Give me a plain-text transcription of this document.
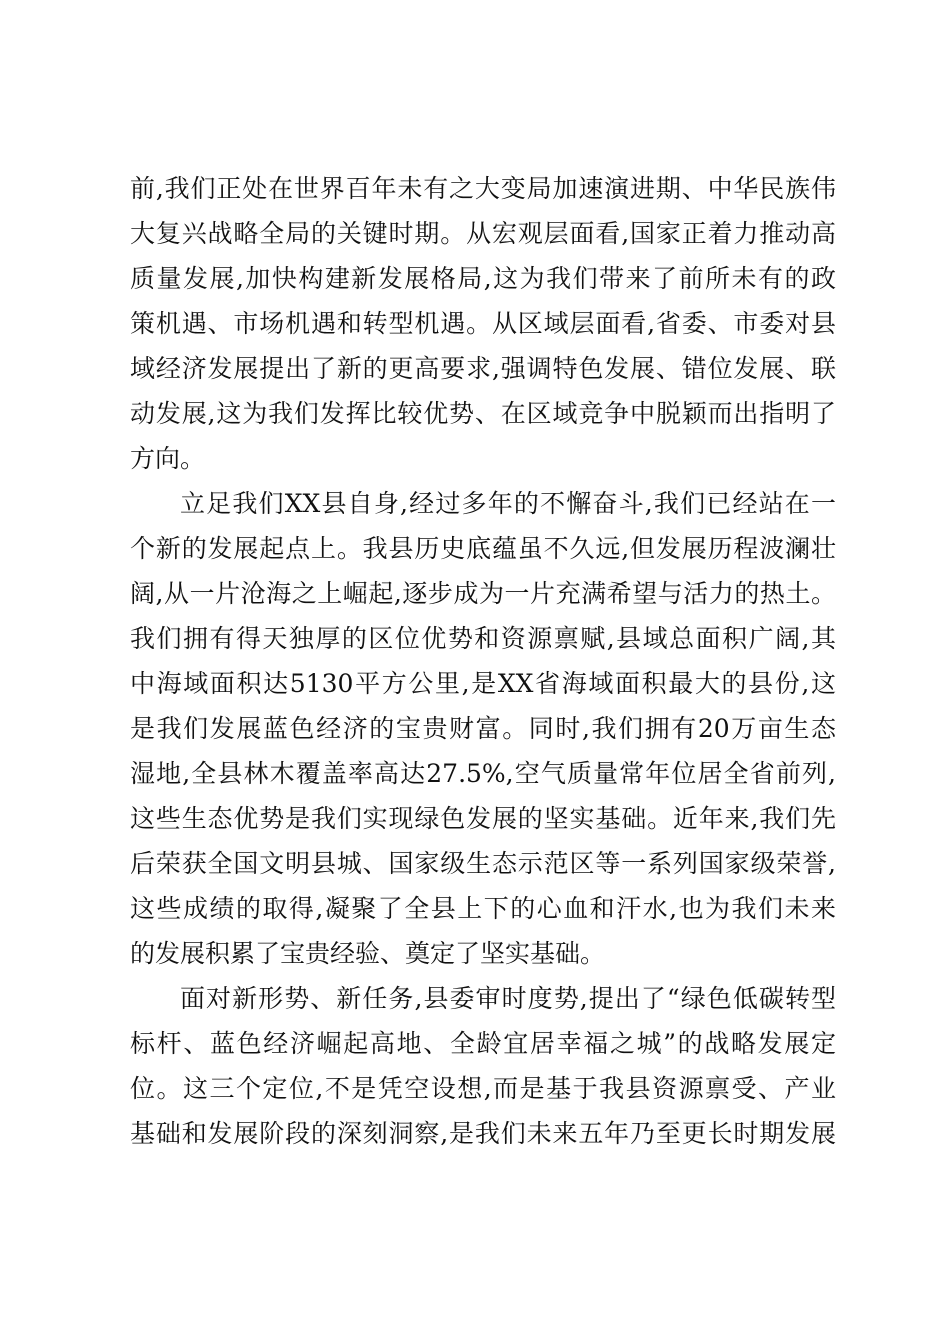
前,我们正处在世界百年未有之大变局加速演进期、中华民族伟
大复兴战略全局的关键时期。从宏观层面看,国家正着力推动高
质量发展,加快构建新发展格局,这为我们带来了前所未有的政
策机遇、市场机遇和转型机遇。从区域层面看,省委、市委对县
域经济发展提出了新的更高要求,强调特色发展、错位发展、联
动发展,这为我们发挥比较优势、在区域竞争中脱颖而出指明了
方向。
立足我们XX县自身,经过多年的不懈奋斗,我们已经站在一
个新的发展起点上。我县历史底蕴虽不久远,但发展历程波澜壮
阔,从一片沧海之上崛起,逐步成为一片充满希望与活力的热土。
我们拥有得天独厚的区位优势和资源禀赋,县域总面积广阔,其
中海域面积达5130平方公里,是XX省海域面积最大的县份,这
是我们发展蓝色经济的宝贵财富。同时,我们拥有20万亩生态
湿地,全县林木覆盖率高达27.5%,空气质量常年位居全省前列,
这些生态优势是我们实现绿色发展的坚实基础。近年来,我们先
后荣获全国文明县城、国家级生态示范区等一系列国家级荣誉,
这些成绩的取得,凝聚了全县上下的心血和汗水,也为我们未来
的发展积累了宝贵经验、奠定了坚实基础。
面对新形势、新任务,县委审时度势,提出了“绿色低碳转型
标杆、蓝色经济崛起高地、全龄宜居幸福之城”的战略发展定
位。这三个定位,不是凭空设想,而是基于我县资源禀受、产业
基础和发展阶段的深刻洞察,是我们未来五年乃至更长时期发展
